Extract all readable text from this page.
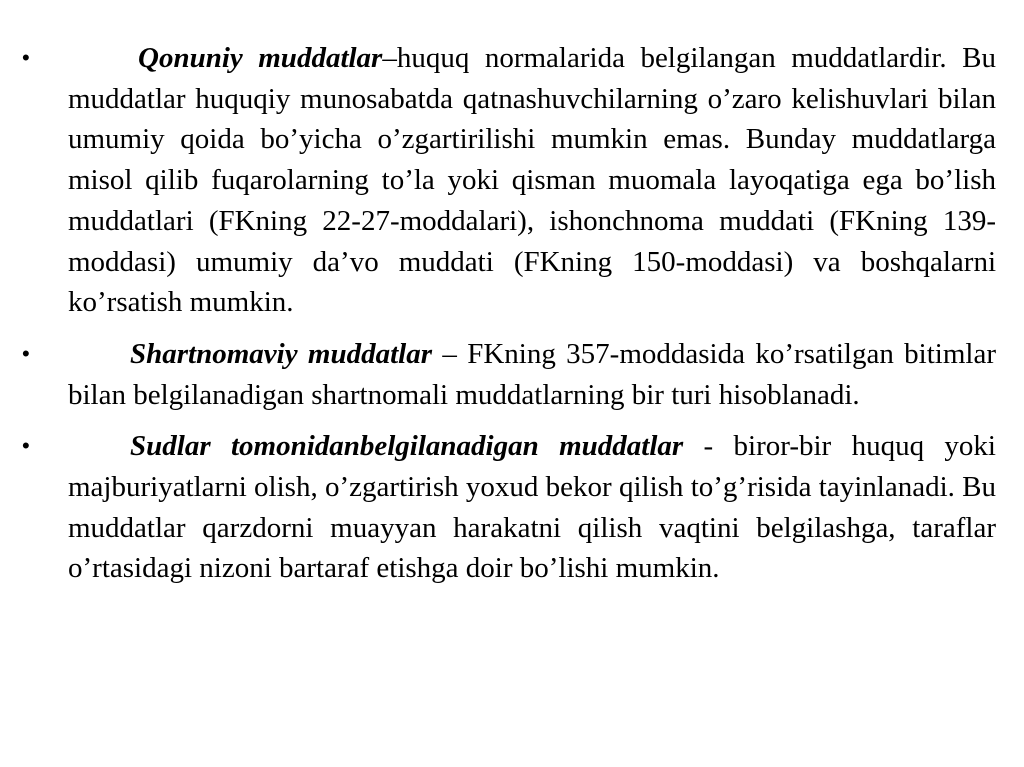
•	Qonuniy muddatlar–huquq normalarida belgilangan muddatlardir. Bu muddatlar huquqiy munosabatda qatnashuvchilarning o’zaro kelishuvlari bilan umumiy qoida bo’yicha o’zgartirilishi mumkin emas. Bunday muddatlarga misol qilib fuqarolarning to’la yoki qisman muomala layoqatiga ega bo’lish muddatlari (FKning 22-27-moddalari), ishonchnoma muddati (FKning 139-moddasi) umumiy da’vo muddati (FKning 150-moddasi) va boshqalarni ko’rsatish mumkin.
•	Shartnomaviy muddatlar – FKning 357-moddasida ko’rsatilgan bitimlar bilan belgilanadigan shartnomali muddatlarning bir turi hisoblanadi.
•	Sudlar tomonidanbelgilanadigan muddatlar - biror-bir huquq yoki majburiyatlarni olish, o’zgartirish yoxud bekor qilish to’g’risida tayinlanadi. Bu muddatlar qarzdorni muayyan harakatni qilish vaqtini belgilashga, taraflar o’rtasidagi nizoni bartaraf etishga doir bo’lishi mumkin.
